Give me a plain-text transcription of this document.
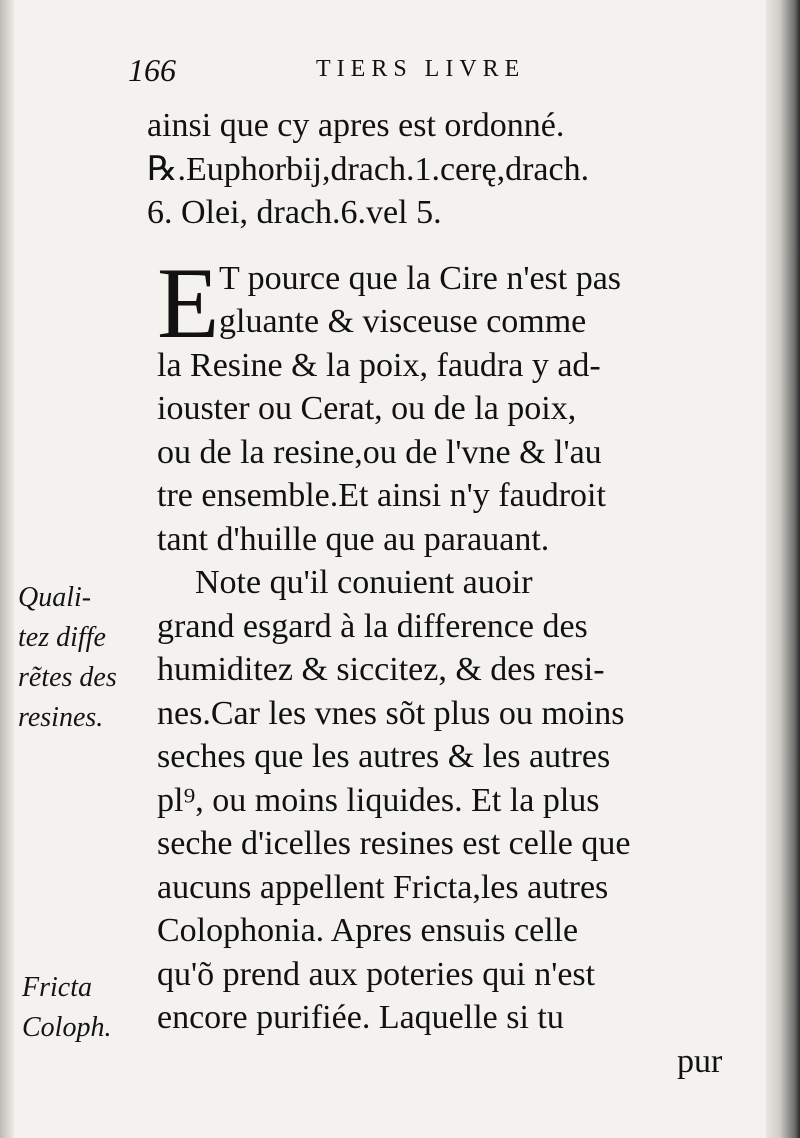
166	TIERS LIVRE
ainsi que cy apres est ordonné.
℞.Euphorbij,drach.1.cerę,drach.
6. Olei, drach.6.vel 5.
E T pource que la Cire n'est pas
gluante & visceuse comme
la Resine & la poix, faudra y ad-
iouster ou Cerat, ou de la poix,
ou de la resine,ou de l'vne & l'au
tre ensemble.Et ainsi n'y faudroit
tant d'huille que au parauant.
Note qu'il conuient auoir
grand esgard à la difference des
humiditez & siccitez, & des resi-
nes.Car les vnes sõt plus ou moins
seches que les autres & les autres
pl⁹, ou moins liquides. Et la plus
seche d'icelles resines est celle que
aucuns appellent Fricta,les autres
Colophonia. Apres ensuis celle
qu'õ prend aux poteries qui n'est
encore purifiée. Laquelle si tu
pur
Quali-
tez diffe
rẽtes des
resines.
Fricta
Coloph.
